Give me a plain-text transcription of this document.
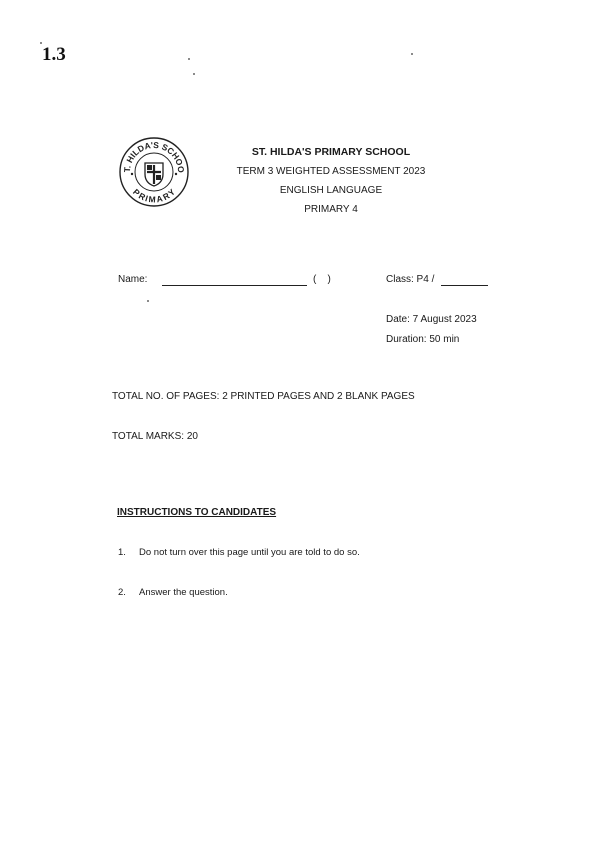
1.3
T. HILDA'S SCHOO
PRIMARY
ST. HILDA'S PRIMARY SCHOOL
TERM 3 WEIGHTED ASSESSMENT 2023
ENGLISH LANGUAGE
PRIMARY 4
Name:	(    )	Class: P4 /
Date: 7 August 2023
Duration: 50 min
TOTAL NO. OF PAGES: 2 PRINTED PAGES AND 2 BLANK PAGES
TOTAL MARKS: 20
INSTRUCTIONS TO CANDIDATES
1. Do not turn over this page until you are told to do so.
2. Answer the question.
